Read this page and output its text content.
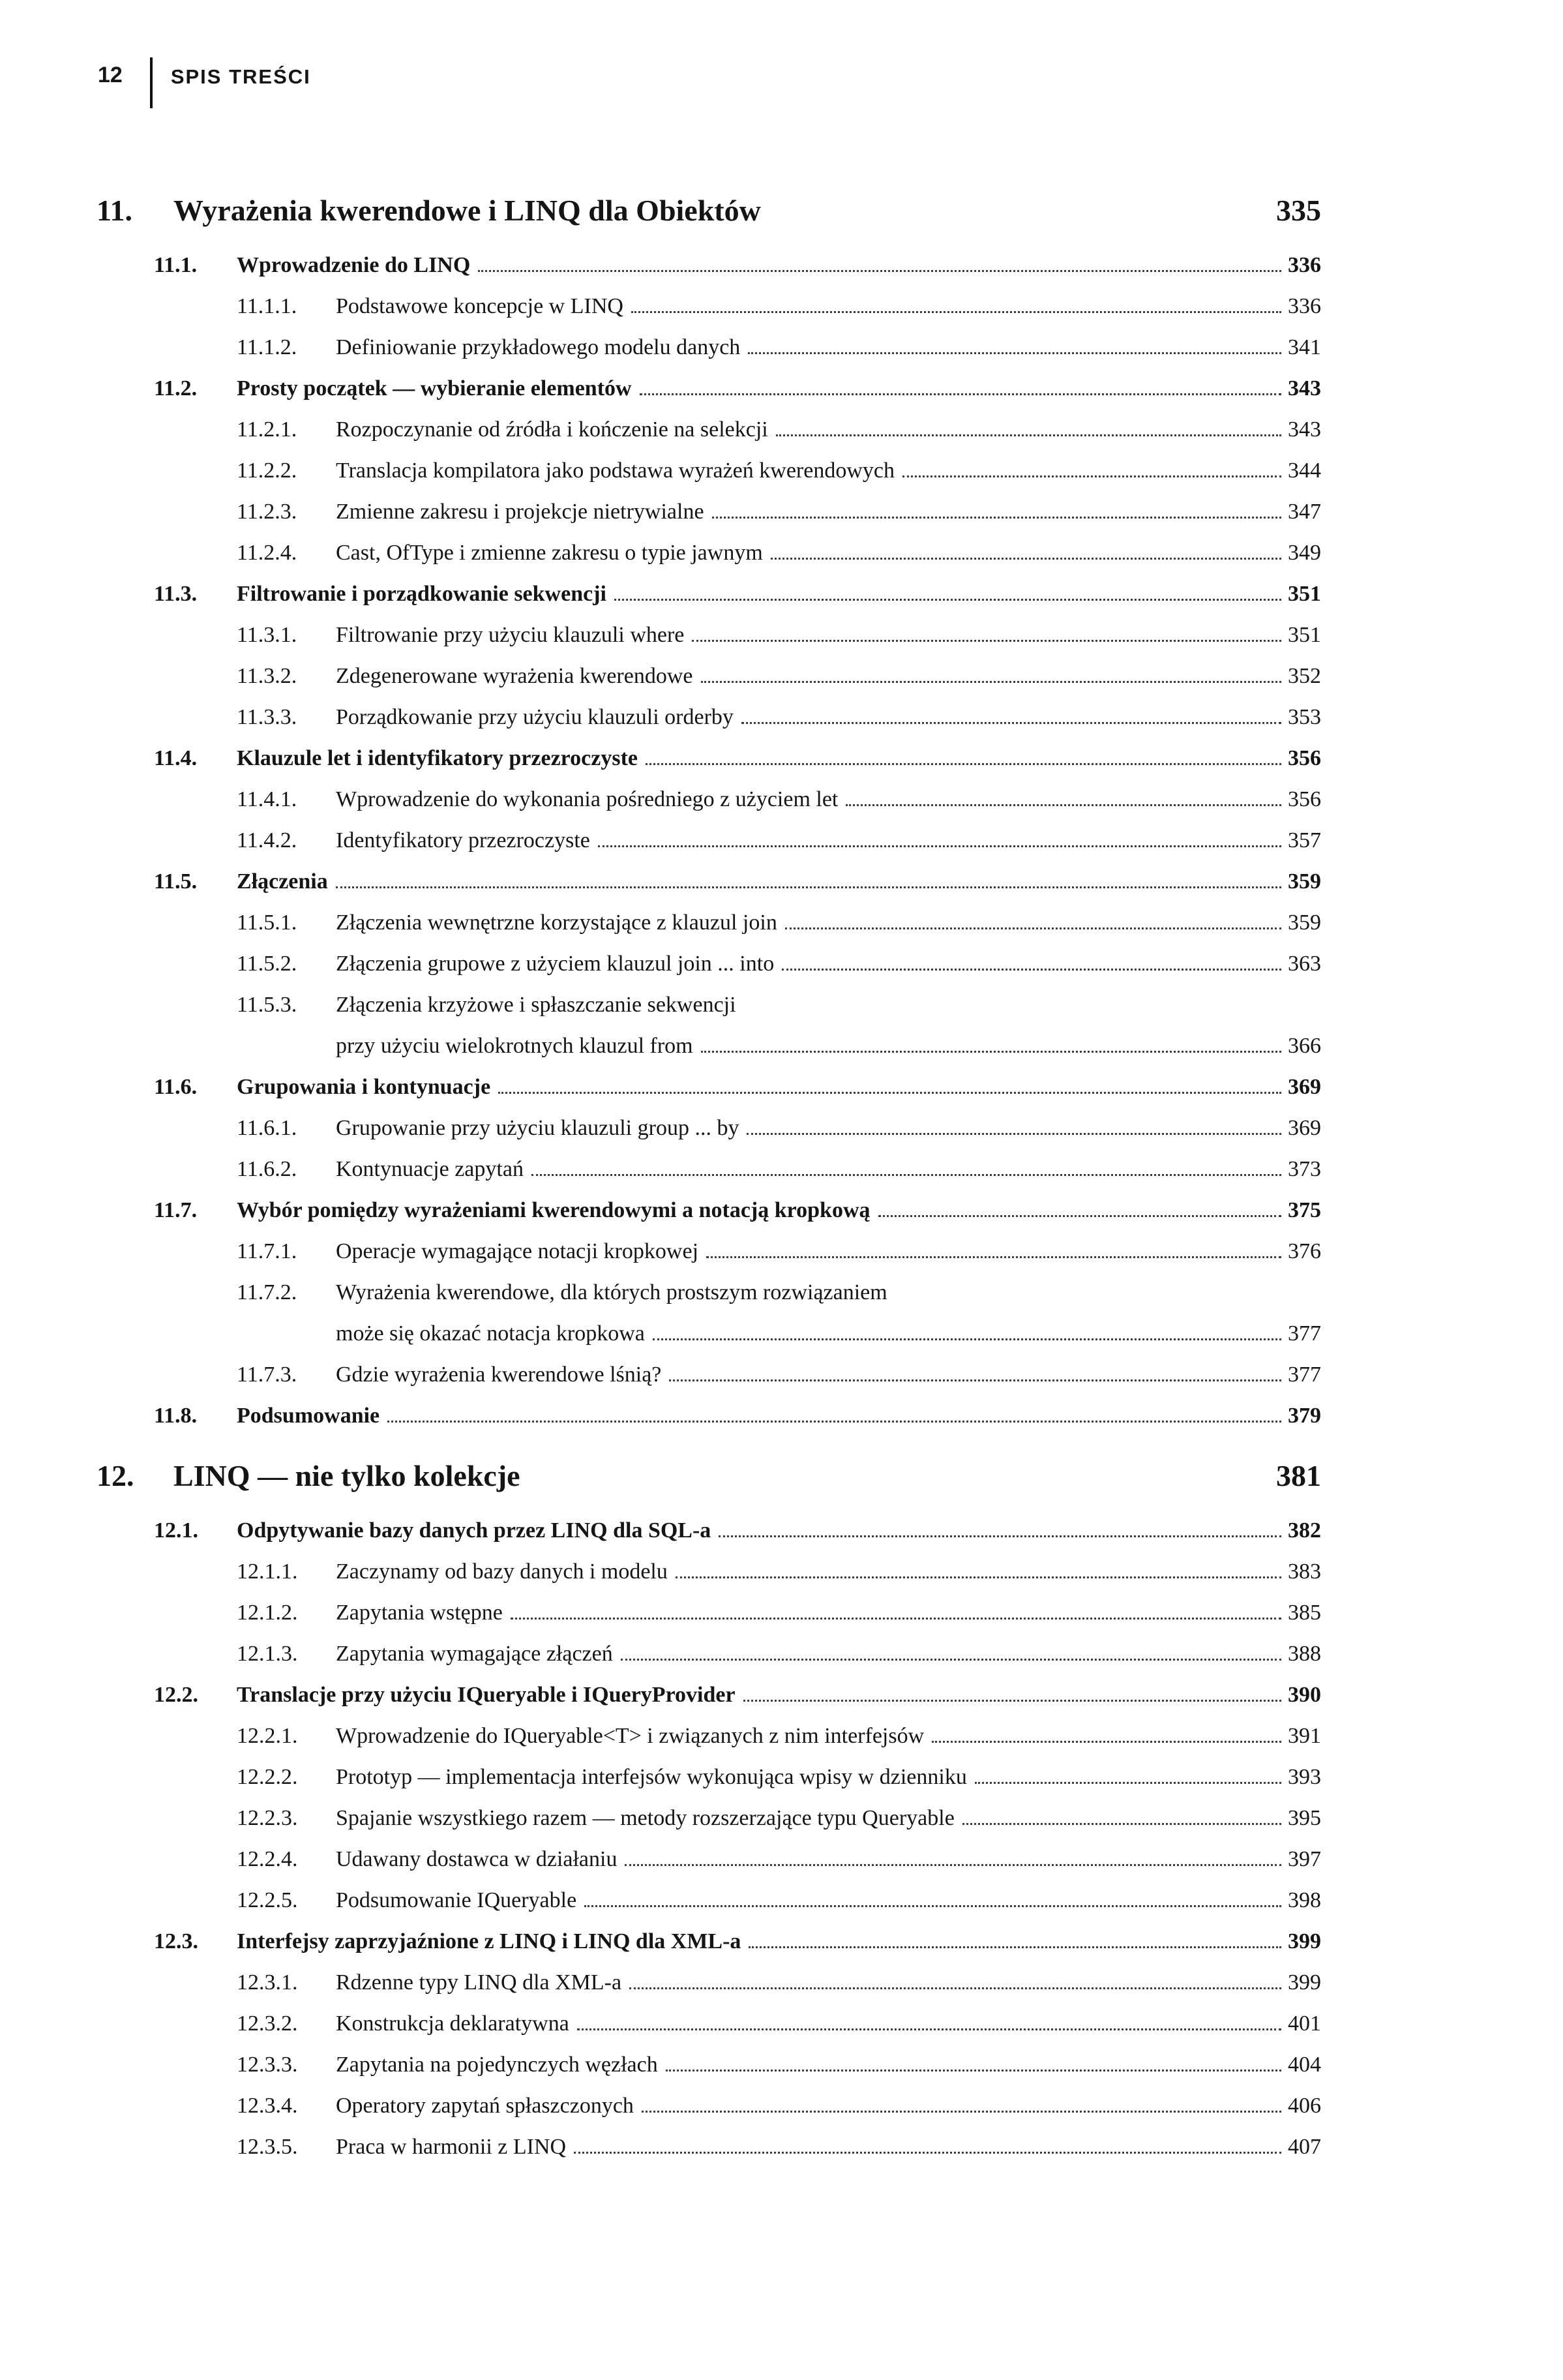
12 SPIS TREŚCI
11.	Wyrażenia kwerendowe i LINQ dla Obiektów	335
11.1.	Wprowadzenie do LINQ	336
11.1.1.	Podstawowe koncepcje w LINQ	336
11.1.2.	Definiowanie przykładowego modelu danych	341
11.2.	Prosty początek — wybieranie elementów	343
11.2.1.	Rozpoczynanie od źródła i kończenie na selekcji	343
11.2.2.	Translacja kompilatora jako podstawa wyrażeń kwerendowych	344
11.2.3.	Zmienne zakresu i projekcje nietrywialne	347
11.2.4.	Cast, OfType i zmienne zakresu o typie jawnym	349
11.3.	Filtrowanie i porządkowanie sekwencji	351
11.3.1.	Filtrowanie przy użyciu klauzuli where	351
11.3.2.	Zdegenerowane wyrażenia kwerendowe	352
11.3.3.	Porządkowanie przy użyciu klauzuli orderby	353
11.4.	Klauzule let i identyfikatory przezroczyste	356
11.4.1.	Wprowadzenie do wykonania pośredniego z użyciem let	356
11.4.2.	Identyfikatory przezroczyste	357
11.5.	Złączenia	359
11.5.1.	Złączenia wewnętrzne korzystające z klauzul join	359
11.5.2.	Złączenia grupowe z użyciem klauzul join ... into	363
11.5.3.	Złączenia krzyżowe i spłaszczanie sekwencji
przy użyciu wielokrotnych klauzul from	366
11.6.	Grupowania i kontynuacje	369
11.6.1.	Grupowanie przy użyciu klauzuli group ... by	369
11.6.2.	Kontynuacje zapytań	373
11.7.	Wybór pomiędzy wyrażeniami kwerendowymi a notacją kropkową	375
11.7.1.	Operacje wymagające notacji kropkowej	376
11.7.2.	Wyrażenia kwerendowe, dla których prostszym rozwiązaniem
może się okazać notacja kropkowa	377
11.7.3.	Gdzie wyrażenia kwerendowe lśnią?	377
11.8.	Podsumowanie	379
12.	LINQ — nie tylko kolekcje	381
12.1.	Odpytywanie bazy danych przez LINQ dla SQL-a	382
12.1.1.	Zaczynamy od bazy danych i modelu	383
12.1.2.	Zapytania wstępne	385
12.1.3.	Zapytania wymagające złączeń	388
12.2.	Translacje przy użyciu IQueryable i IQueryProvider	390
12.2.1.	Wprowadzenie do IQueryable<T> i związanych z nim interfejsów	391
12.2.2.	Prototyp — implementacja interfejsów wykonująca wpisy w dzienniku	393
12.2.3.	Spajanie wszystkiego razem — metody rozszerzające typu Queryable	395
12.2.4.	Udawany dostawca w działaniu	397
12.2.5.	Podsumowanie IQueryable	398
12.3.	Interfejsy zaprzyjaźnione z LINQ i LINQ dla XML-a	399
12.3.1.	Rdzenne typy LINQ dla XML-a	399
12.3.2.	Konstrukcja deklaratywna	401
12.3.3.	Zapytania na pojedynczych węzłach	404
12.3.4.	Operatory zapytań spłaszczonych	406
12.3.5.	Praca w harmonii z LINQ	407
